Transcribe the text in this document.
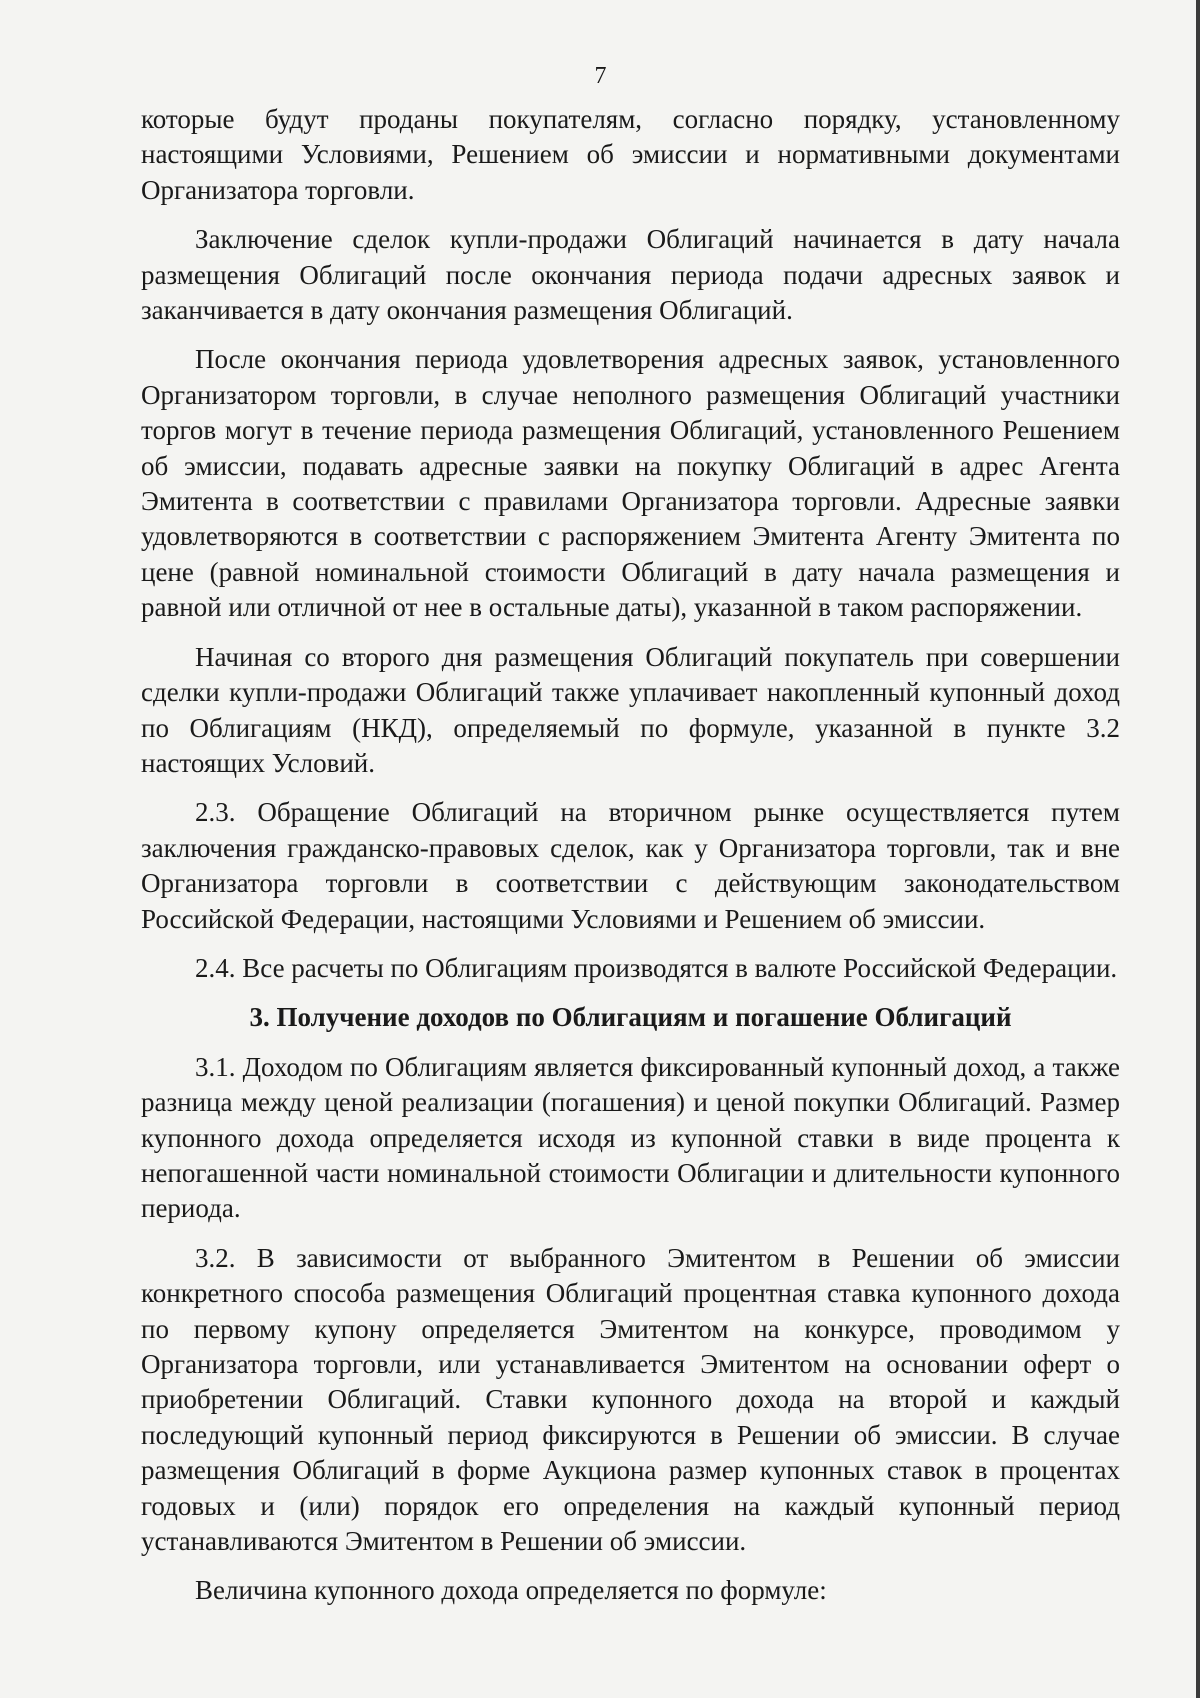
7

которые будут проданы покупателям, согласно порядку, установленному настоящими Условиями, Решением об эмиссии и нормативными документами Организатора торговли.

Заключение сделок купли-продажи Облигаций начинается в дату начала размещения Облигаций после окончания периода подачи адресных заявок и заканчивается в дату окончания размещения Облигаций.

После окончания периода удовлетворения адресных заявок, установленного Организатором торговли, в случае неполного размещения Облигаций участники торгов могут в течение периода размещения Облигаций, установленного Решением об эмиссии, подавать адресные заявки на покупку Облигаций в адрес Агента Эмитента в соответствии с правилами Организатора торговли. Адресные заявки удовлетворяются в соответствии с распоряжением Эмитента Агенту Эмитента по цене (равной номинальной стоимости Облигаций в дату начала размещения и равной или отличной от нее в остальные даты), указанной в таком распоряжении.

Начиная со второго дня размещения Облигаций покупатель при совершении сделки купли-продажи Облигаций также уплачивает накопленный купонный доход по Облигациям (НКД), определяемый по формуле, указанной в пункте 3.2 настоящих Условий.

2.3. Обращение Облигаций на вторичном рынке осуществляется путем заключения гражданско-правовых сделок, как у Организатора торговли, так и вне Организатора торговли в соответствии с действующим законодательством Российской Федерации, настоящими Условиями и Решением об эмиссии.

2.4. Все расчеты по Облигациям производятся в валюте Российской Федерации.

3. Получение доходов по Облигациям и погашение Облигаций

3.1. Доходом по Облигациям является фиксированный купонный доход, а также разница между ценой реализации (погашения) и ценой покупки Облигаций. Размер купонного дохода определяется исходя из купонной ставки в виде процента к непогашенной части номинальной стоимости Облигации и длительности купонного периода.

3.2. В зависимости от выбранного Эмитентом в Решении об эмиссии конкретного способа размещения Облигаций процентная ставка купонного дохода по первому купону определяется Эмитентом на конкурсе, проводимом у Организатора торговли, или устанавливается Эмитентом на основании оферт о приобретении Облигаций. Ставки купонного дохода на второй и каждый последующий купонный период фиксируются в Решении об эмиссии. В случае размещения Облигаций в форме Аукциона размер купонных ставок в процентах годовых и (или) порядок его определения на каждый купонный период устанавливаются Эмитентом в Решении об эмиссии.

Величина купонного дохода определяется по формуле:
